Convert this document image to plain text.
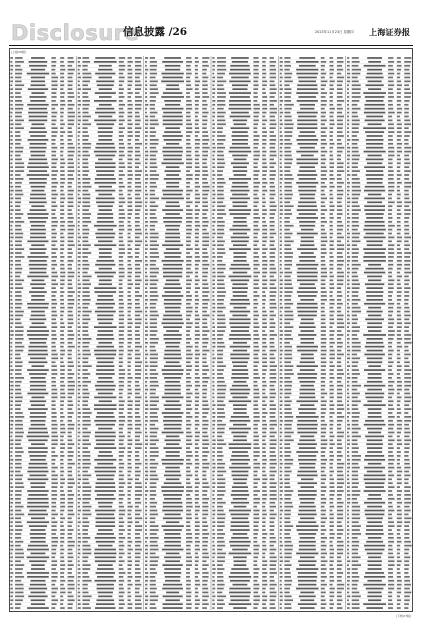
Disclosure
信息披露 /26	2023年11月23日 星期四 上海证券报
(上接25版)
(下转27版)
